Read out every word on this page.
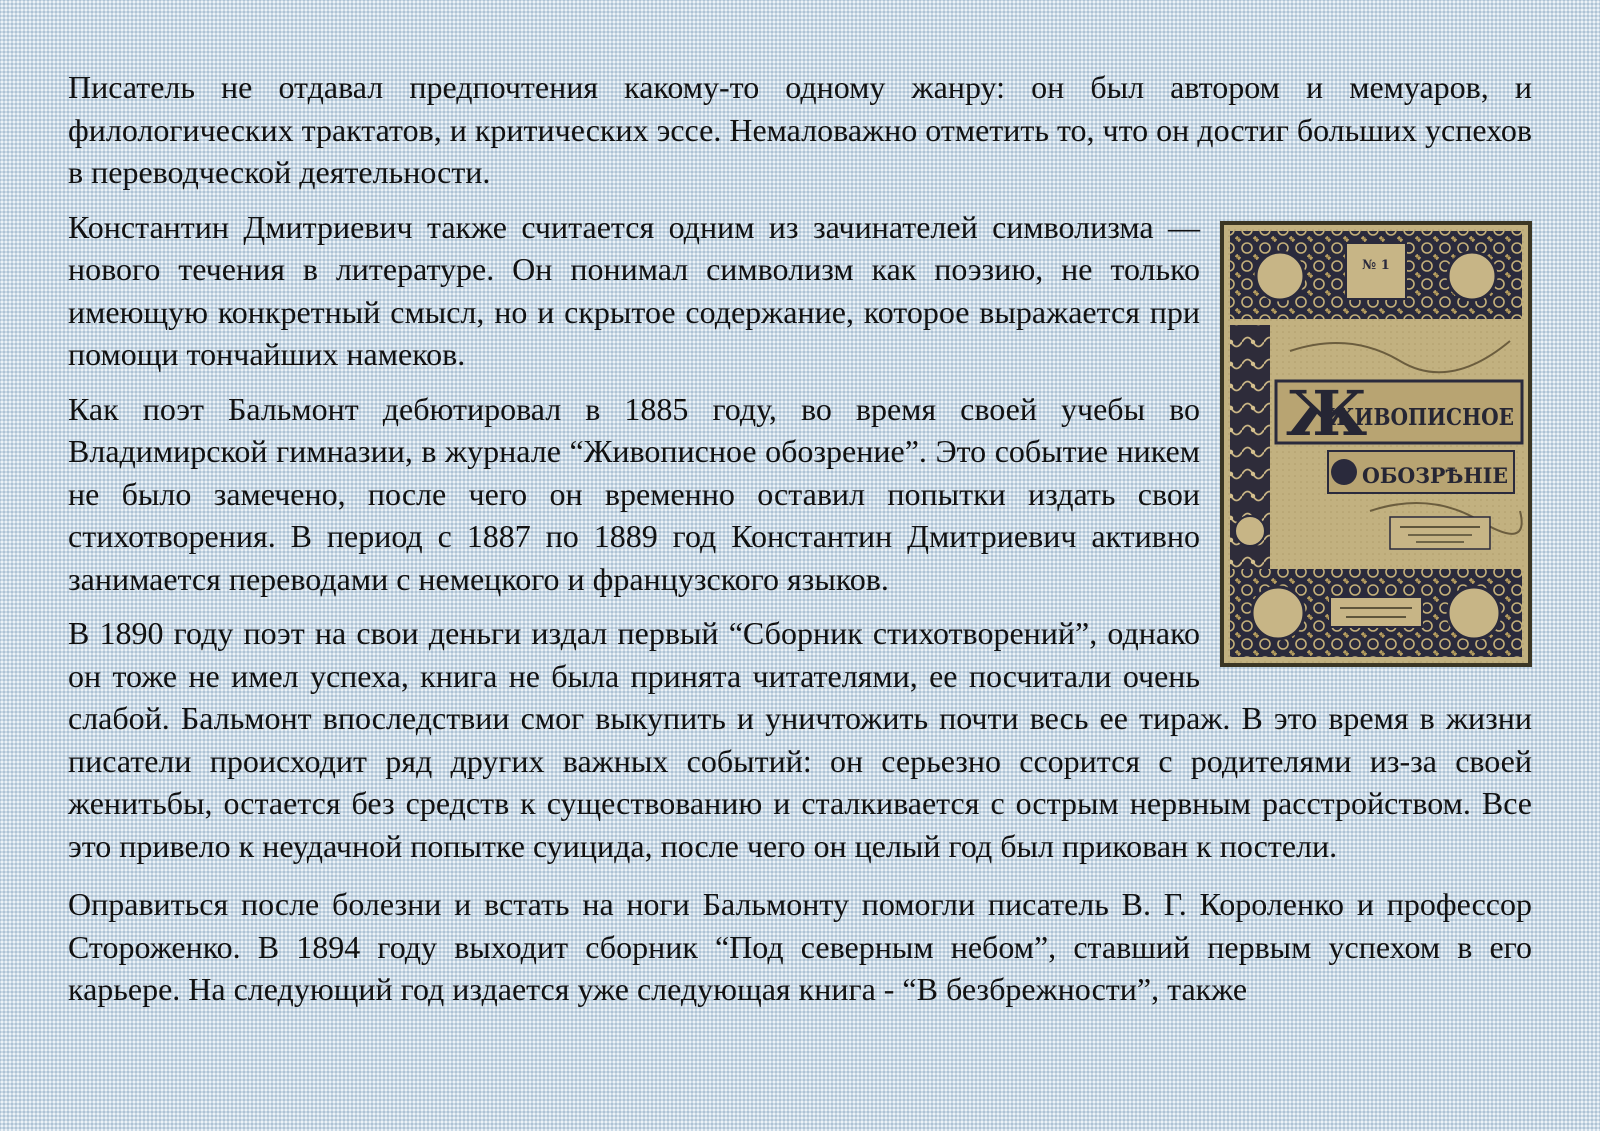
Писатель не отдавал предпочтения какому-то одному жанру: он был автором и мемуаров, и филологических трактатов, и критических эссе. Немаловажно отметить то, что он достиг больших успехов в переводческой деятельности.

№ 1
Ж
ЖИВОПИСНОЕ
ОБОЗРѢНІЕ

Константин Дмитриевич также считается одним из зачинателей символизма — нового течения в литературе. Он понимал символизм как поэзию, не только имеющую конкретный смысл, но и скрытое содержание, которое выражается при помощи тончайших намеков.

Как поэт Бальмонт дебютировал в 1885 году, во время своей учебы во Владимирской гимназии, в журнале “Живописное обозрение”. Это событие никем не было замечено, после чего он временно оставил попытки издать свои стихотворения. В период с 1887 по 1889 год Константин Дмитриевич активно занимается переводами с немецкого и французского языков.

В 1890 году поэт на свои деньги издал первый “Сборник стихотворений”, однако он тоже не имел успеха, книга не была принята читателями, ее посчитали очень слабой. Бальмонт впоследствии смог выкупить и уничтожить почти весь ее тираж. В это время в жизни писатели происходит ряд других важных событий: он серьезно ссорится с родителями из-за своей женитьбы, остается без средств к существованию и сталкивается с острым нервным расстройством. Все это привело к неудачной попытке суицида, после чего он целый год был прикован к постели.

Оправиться после болезни и встать на ноги Бальмонту помогли писатель В. Г. Короленко и профессор Стороженко. В 1894 году выходит сборник “Под северным небом”, ставший первым успехом в его карьере. На следующий год издается уже следующая книга - “В безбрежности”, также
